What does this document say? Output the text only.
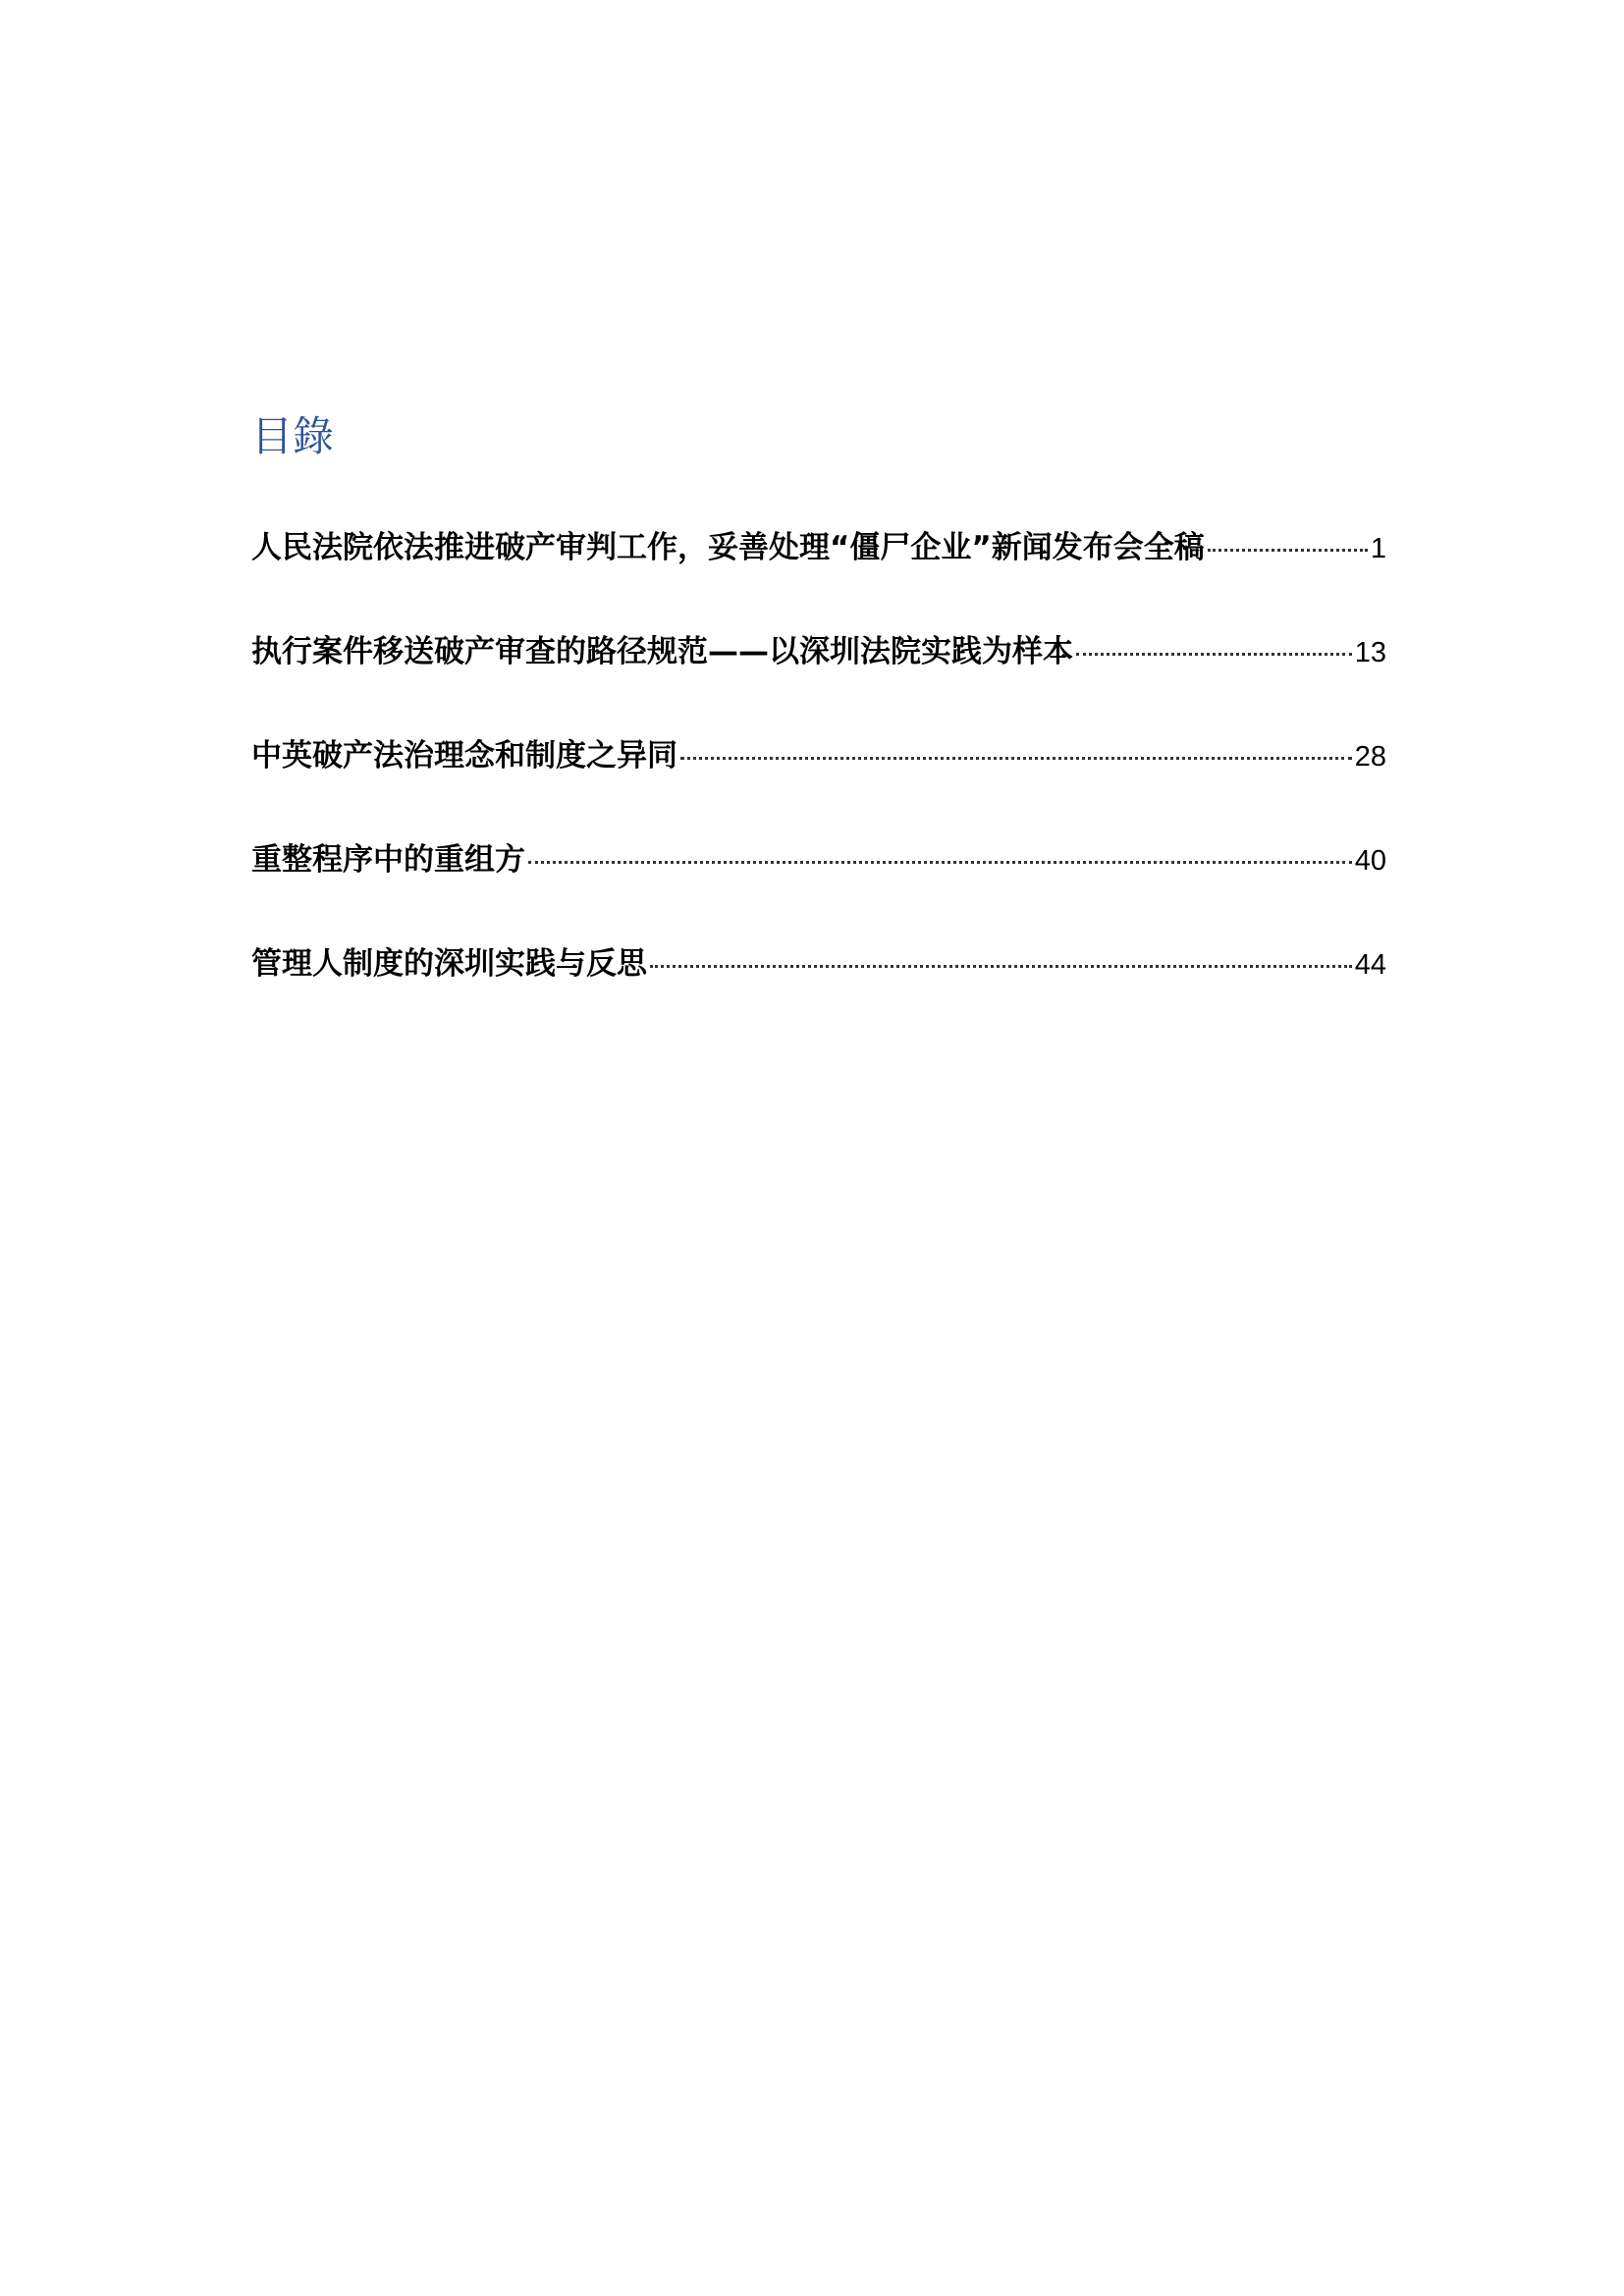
目錄
人民法院依法推进破产审判工作，妥善处理“僵尸企业”新闻发布会全稿	1
执行案件移送破产审查的路径规范——以深圳法院实践为样本	13
中英破产法治理念和制度之异同	28
重整程序中的重组方	40
管理人制度的深圳实践与反思	44
